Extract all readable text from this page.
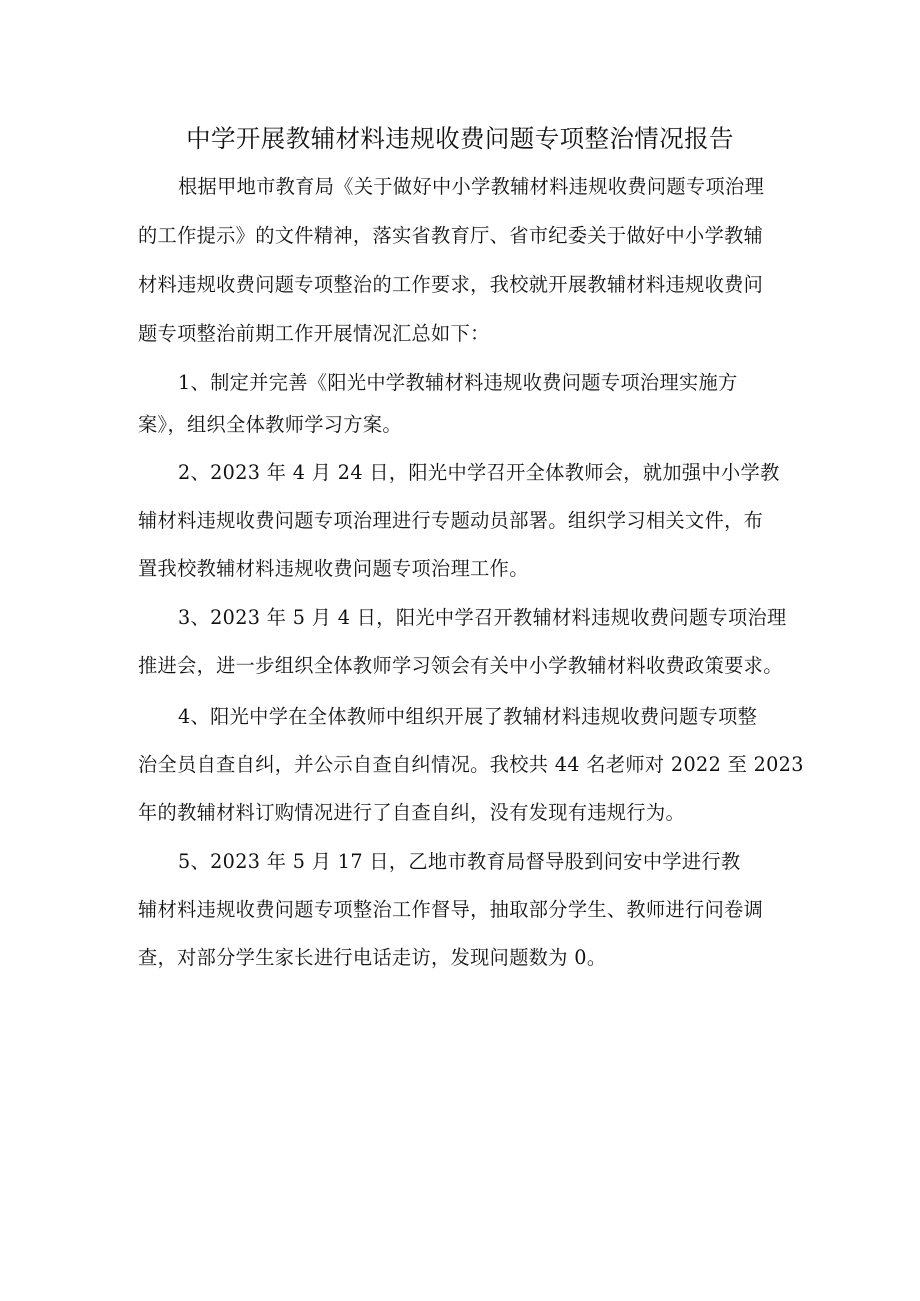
中学开展教辅材料违规收费问题专项整治情况报告
根据甲地市教育局《关于做好中小学教辅材料违规收费问题专项治理
的工作提示》的文件精神，落实省教育厅、省市纪委关于做好中小学教辅
材料违规收费问题专项整治的工作要求，我校就开展教辅材料违规收费问
题专项整治前期工作开展情况汇总如下：
1、制定并完善《阳光中学教辅材料违规收费问题专项治理实施方
案》，组织全体教师学习方案。
2、2023 年 4 月 24 日，阳光中学召开全体教师会，就加强中小学教
辅材料违规收费问题专项治理进行专题动员部署。组织学习相关文件，布
置我校教辅材料违规收费问题专项治理工作。
3、2023 年 5 月 4 日，阳光中学召开教辅材料违规收费问题专项治理
推进会，进一步组织全体教师学习领会有关中小学教辅材料收费政策要求。
4、阳光中学在全体教师中组织开展了教辅材料违规收费问题专项整
治全员自查自纠，并公示自查自纠情况。我校共 44 名老师对 2022 至 2023
年的教辅材料订购情况进行了自查自纠，没有发现有违规行为。
5、2023 年 5 月 17 日，乙地市教育局督导股到问安中学进行教
辅材料违规收费问题专项整治工作督导，抽取部分学生、教师进行问卷调
查，对部分学生家长进行电话走访，发现问题数为 0。
